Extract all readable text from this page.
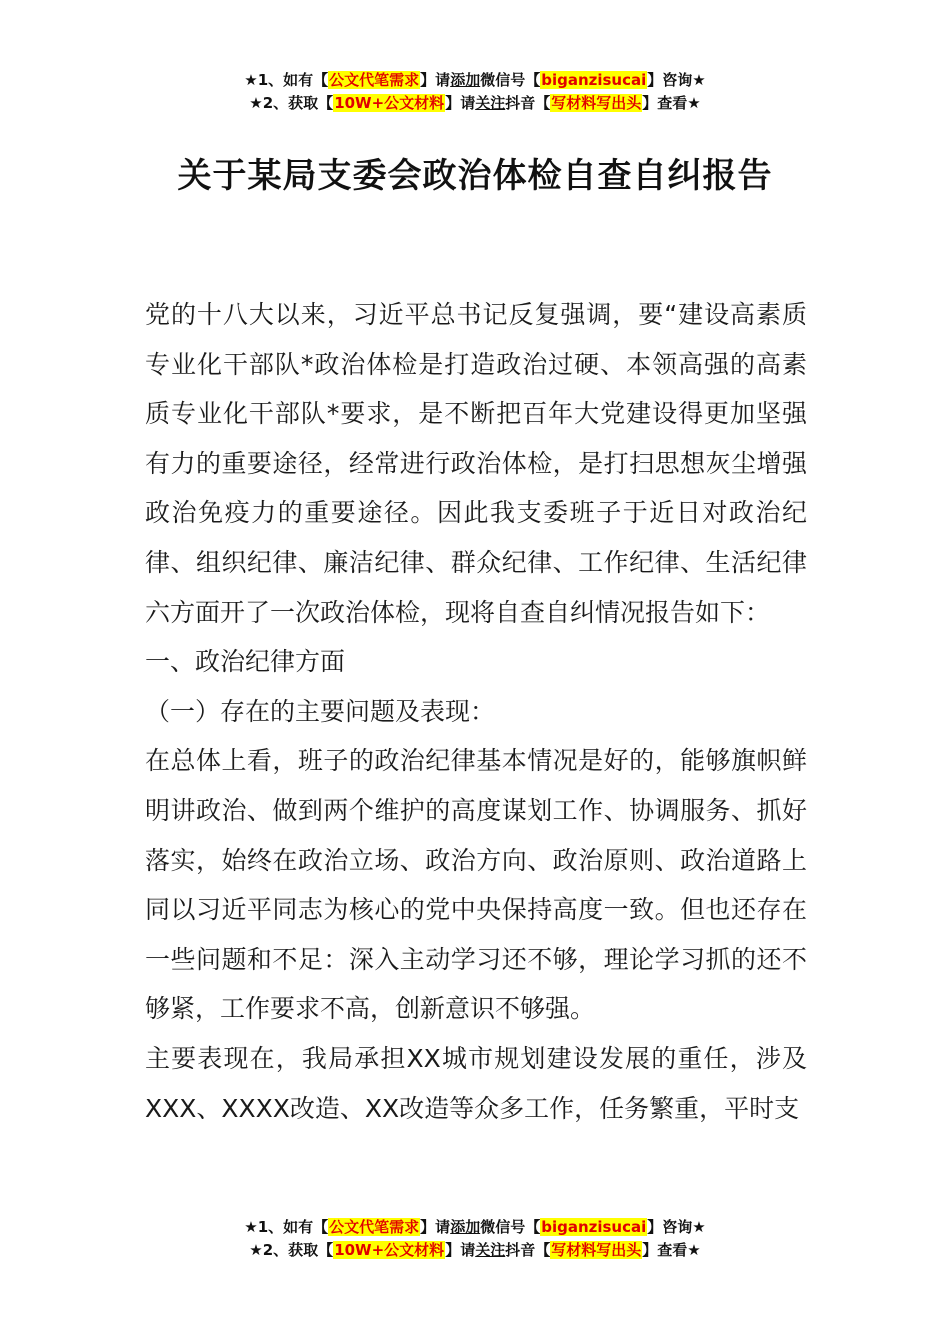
★1、如有【公文代笔需求】请添加微信号【biganzisucai】咨询★
★2、获取【10W+公文材料】请关注抖音【写材料写出头】查看★
关于某局支委会政治体检自查自纠报告

党的十八大以来，习近平总书记反复强调，要“建设高素质专业化干部队*政治体检是打造政治过硬、本领高强的高素质专业化干部队*要求，是不断把百年大党建设得更加坚强有力的重要途径，经常进行政治体检，是打扫思想灰尘增强政治免疫力的重要途径。因此我支委班子于近日对政治纪律、组织纪律、廉洁纪律、群众纪律、工作纪律、生活纪律六方面开了一次政治体检，现将自查自纠情况报告如下：

一、政治纪律方面

（一）存在的主要问题及表现：

在总体上看，班子的政治纪律基本情况是好的，能够旗帜鲜明讲政治、做到两个维护的高度谋划工作、协调服务、抓好落实，始终在政治立场、政治方向、政治原则、政治道路上同以习近平同志为核心的党中央保持高度一致。但也还存在一些问题和不足：深入主动学习还不够，理论学习抓的还不够紧，工作要求不高，创新意识不够强。

主要表现在，我局承担XX城市规划建设发展的重任，涉及XXX、XXXX改造、XX改造等众多工作，任务繁重，平时支

★1、如有【公文代笔需求】请添加微信号【biganzisucai】咨询★
★2、获取【10W+公文材料】请关注抖音【写材料写出头】查看★
